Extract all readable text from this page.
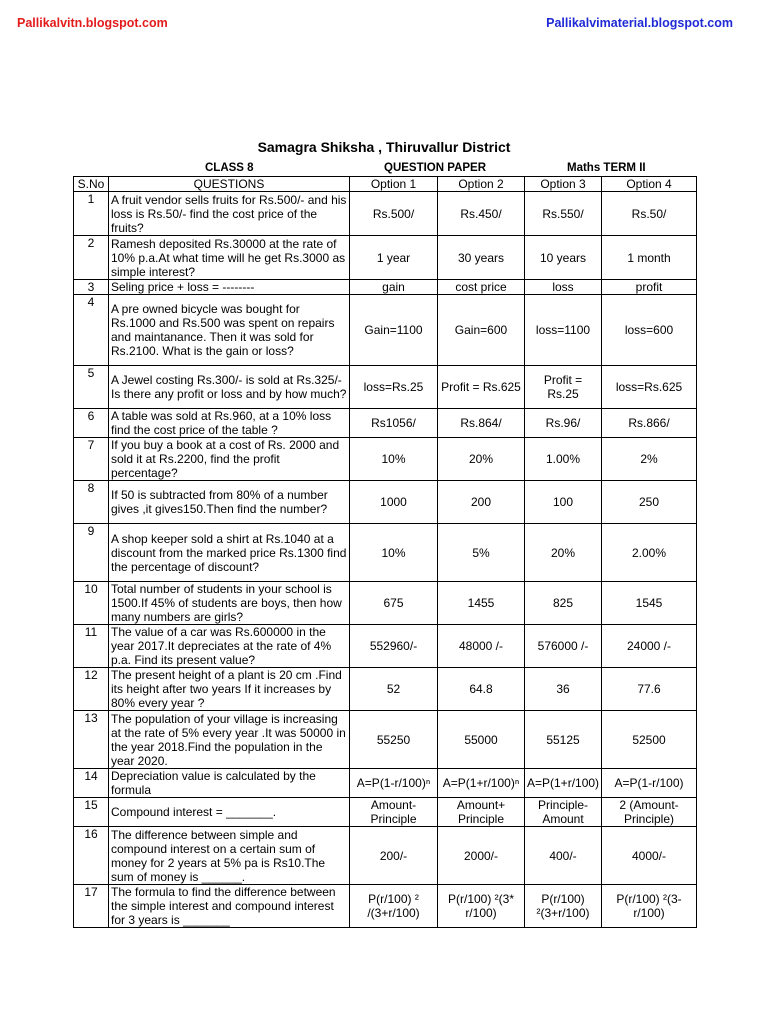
Pallikalvitn.blogspot.com	Pallikalvimaterial.blogspot.com
Samagra Shiksha , Thiruvallur District
CLASS 8	QUESTION PAPER	Maths TERM II
S.No	QUESTIONS	Option 1	Option 2	Option 3	Option 4
1	A fruit vendor sells fruits for Rs.500/- and his loss is Rs.50/- find the cost price of the fruits?	Rs.500/	Rs.450/	Rs.550/	Rs.50/
2	Ramesh deposited Rs.30000 at the rate of 10% p.a.At what time will he get Rs.3000 as simple interest?	1 year	30 years	10 years	1 month
3	Seling price + loss = --------	gain	cost price	loss	profit
4	A pre owned bicycle was bought for Rs.1000 and Rs.500 was spent on repairs and maintanance. Then it was sold for Rs.2100. What is the gain or loss?	Gain=1100	Gain=600	loss=1100	loss=600
5	A Jewel costing Rs.300/- is sold at Rs.325/- Is there any profit or loss and by how much?	loss=Rs.25	Profit = Rs.625	Profit = Rs.25	loss=Rs.625
6	A table was sold at Rs.960, at a 10% loss find the cost price of the table ?	Rs1056/	Rs.864/	Rs.96/	Rs.866/
7	If you buy a book at a cost of Rs. 2000 and sold it at Rs.2200, find the profit percentage?	10%	20%	1.00%	2%
8	If 50 is subtracted from 80% of a number gives ,it gives150.Then find the number?	1000	200	100	250
9	A shop keeper sold a shirt at Rs.1040 at a discount from the marked price Rs.1300 find the percentage of discount?	10%	5%	20%	2.00%
10	Total number of students in your school is 1500.If 45% of students are boys, then how many numbers are girls?	675	1455	825	1545
11	The value of a car was Rs.600000 in the year 2017.It depreciates at the rate of 4% p.a. Find its present value?	552960/-	48000 /-	576000 /-	24000 /-
12	The present height of a plant is 20 cm .Find its height after two years If it increases by 80% every year ?	52	64.8	36	77.6
13	The population of your village is increasing at the rate of 5% every year .It was 50000 in the year 2018.Find the population in the year 2020.	55250	55000	55125	52500
14	Depreciation value is calculated by the formula	A=P(1-r/100)ⁿ	A=P(1+r/100)ⁿ	A=P(1+r/100)	A=P(1-r/100)
15	Compound interest = _______.	Amount-Principle	Amount+ Principle	Principle-Amount	2 (Amount-Principle)
16	The difference between simple and compound interest on a certain sum of money for 2 years at 5% pa is Rs10.The sum of money is ______.	200/-	2000/-	400/-	4000/-
17	The formula to find the difference between the simple interest and compound interest for 3 years is _______	P(r/100) ² /(3+r/100)	P(r/100) ²(3* r/100)	P(r/100) ²(3+r/100)	P(r/100) ²(3-r/100)
